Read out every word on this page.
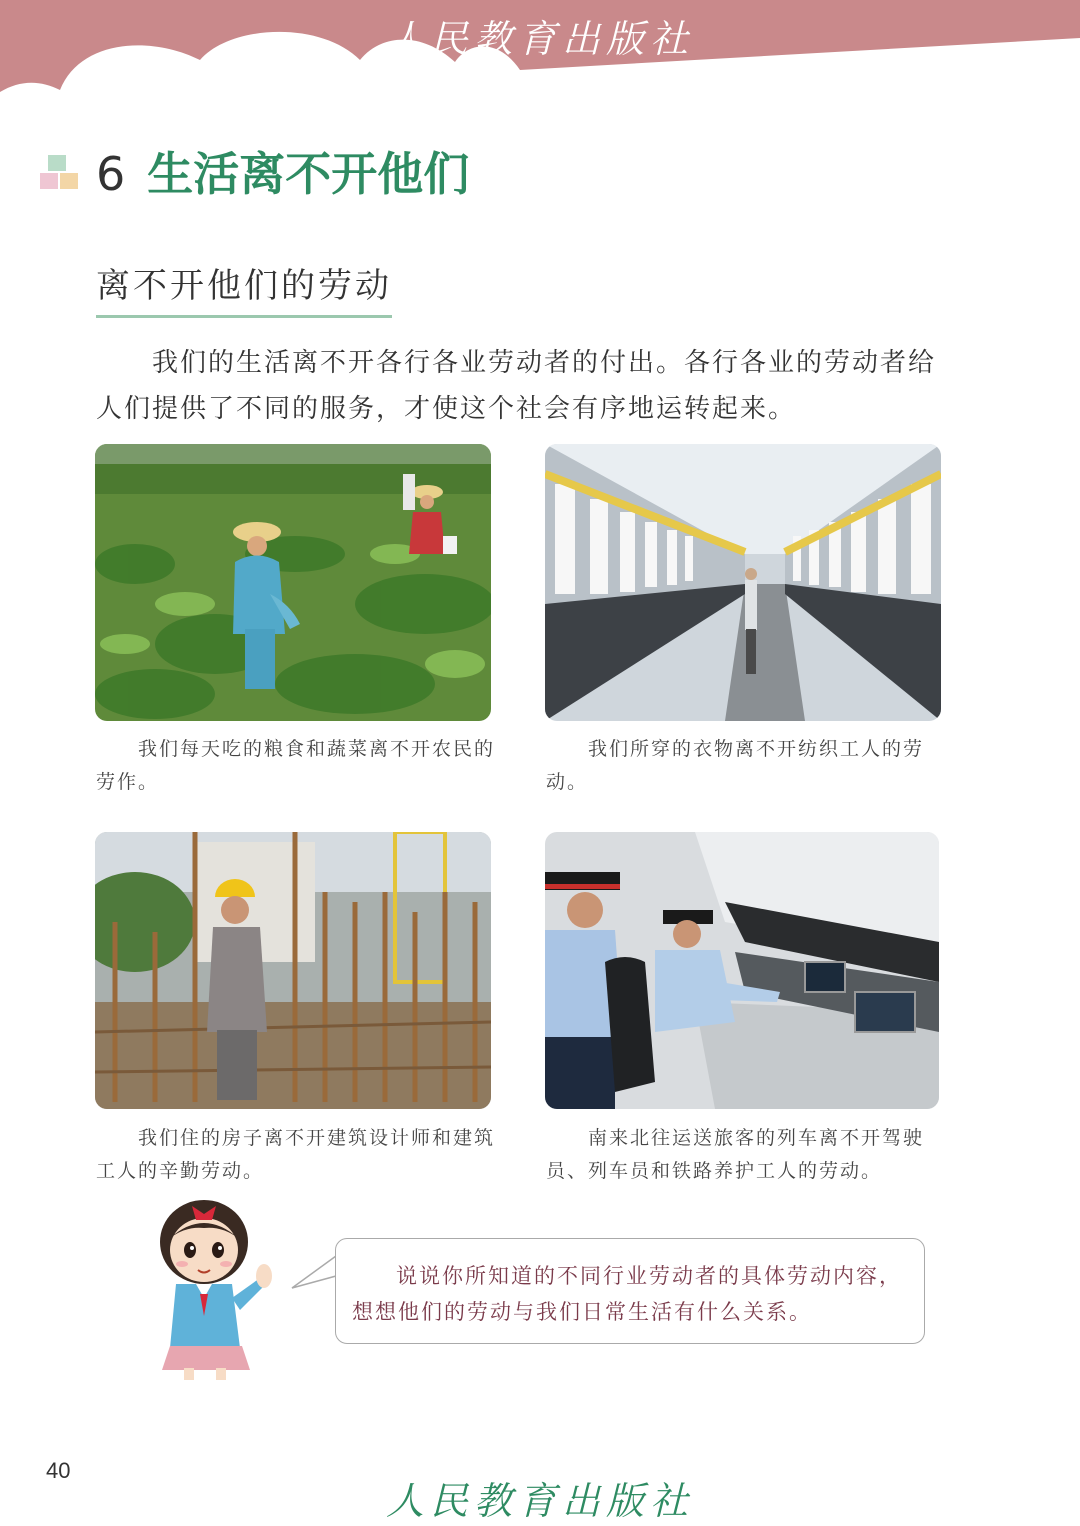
人民教育出版社
6 生活离不开他们
离不开他们的劳动

我们的生活离不开各行各业劳动者的付出。各行各业的劳动者给人们提供了不同的服务，才使这个社会有序地运转起来。

我们每天吃的粮食和蔬菜离不开农民的劳作。
我们所穿的衣物离不开纺织工人的劳动。
我们住的房子离不开建筑设计师和建筑工人的辛勤劳动。
南来北往运送旅客的列车离不开驾驶员、列车员和铁路养护工人的劳动。
说说你所知道的不同行业劳动者的具体劳动内容，想想他们的劳动与我们日常生活有什么关系。
40
人民教育出版社
